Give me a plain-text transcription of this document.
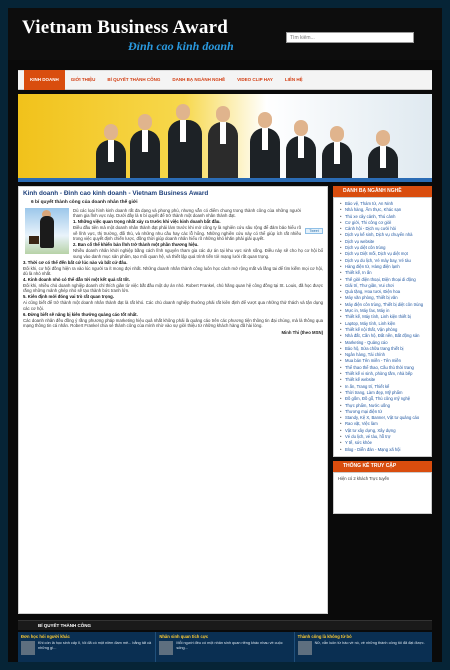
Vietnam Business Award
Đỉnh cao kinh doanh
Tìm kiếm...
KINH DOANH	GIỚI THIỆU	BÍ QUYẾT THÀNH CÔNG	DANH BẠ NGÀNH NGHỀ	VIDEO CLIP HAY	LIÊN HỆ
Kinh doanh - Đỉnh cao kinh doanh - Vietnam Business Award
6 bí quyết thành công của doanh nhân thế giới
Tweet
Dù các loại hình kinh doanh rất đa dạng và phong phú, nhưng vẫn có điểm chung trong thành công của những người tham gia lĩnh vực này. Dưới đây là 6 bí quyết để trở thành một doanh nhân thành đạt.
1. Những việc quan trọng nhất xảy ra trước khi việc kinh doanh bắt đầu.
Điều đầu tiên mà một doanh nhân thành đạt phải làm trước khi mở công ty là nghiên cứu sâu rộng để đảm bảo hiểu rõ về lĩnh vực, thị trường, đối thủ, và những nhu cầu hay các lỗ hổng. Những nghiên cứu này có thể giúp ích rất nhiều trong việc quyết định chiến lược, đồng thời giúp doanh nhân hiểu rõ những khó khăn phải giải quyết.
2. Ban cố thể khiến bản lĩnh trở thành một phần thương hiệu.
Nhiều doanh nhân khởi nghiệp bằng cách lĩnh nguyên tham gia các dự án tại khu vực sinh sống. Điều này sẽ cho họ cơ hội bổ sung vào danh mục sản phẩm, tạo mối quan hệ, và thiết lập quá trình tiến tới mạng lưới rất quan trọng.
3. Thời cơ có thể đến bất cứ lúc nào và bất cứ đâu.
Đôi khi, cơ hội đồng hiện ra vào lúc người ta ít mong đợi nhất. Những doanh nhân thành công luôn học cách mở rộng mắt và lắng tai để tìm kiếm mọi cơ hội, dù là nhỏ nhất.
4. Kinh doanh nhỏ có thể dẫn tới một kết quả rất tốt.
Đôi khi, nhiều chủ doanh nghiệp doanh chỉ thích giản từ việc bắt đầu một dự án nhỏ. Robert Frankel, chủ hãng quan hệ công đồng tại St. Louis, đã học được rằng những mảnh ghép nhỏ sẽ tạo thành bức tranh lớn.
5. Kiên định mới đóng vai trò rất quan trọng.
Ai cũng biết để trở thành một doanh nhân thành đạt là rất khó. Các chủ doanh nghiệp thường phải rất kiên định để vượt qua những thử thách và tận dụng các cơ hội.
6. Đừng biết sẽ nâng bị kiên thưởng quảng cáo tốt nhất.
Các doanh nhân đều đồng ý rằng phương pháp marketing hiệu quả nhất không phải là quảng cáo trên các phương tiện thông tin đại chúng, mà là thông qua mạng thông tin cá nhân. Robert Frankel chia sẻ thành công của mình nhờ vào sự giới thiệu từ những khách hàng đã hài lòng.
Minh Thi (theo MSN)
DANH BẠ NGÀNH NGHỀ
• Bảo vệ, Thám tử, An Ninh
• Nhà hàng, Ẩm thực, Khác sạn
• Thủ xe cây cảnh, Thú cảnh
• Cơ giới, Thi công cơ giới
• Cảnh hội - Dịch vụ cưới hỏi
• Dịch vụ kế sinh, Dịch vụ chuyển nhà
• Dịch vụ website
• Dịch vụ diệt côn trùng
• Dịch vụ Diệt mối, Dịch vụ diệt mọt
• Dịch vụ du lịch, Vé máy bay, Vé tàu
• Hàng điện tử, Hàng điện lạnh
• Thiết kế, In ấn
• Thế giới điện thoại, Điện thoại di động
• Giải trí, Thư giãn, Vui chơi
• Quà tặng, Hoa tươi, Điện hoa
• Máy văn phòng, Thiết bị văn
• Máy điện côn trùng, Thiết bị diệt côn trùng
• Mực in, Máy fax, Máy in
• Thiết kế, Máy tính, Linh kiện thiết bị
• Laptop, Máy tính, Linh kiện
• Thiết kế nội thất, Vận phòng
• Nhà đất, Cần hộ, Đất nền, Bất động sản
• Marketing - Quảng cáo
• Bảo hộ, Sửa chữa trang thiết bị
• Ngân hàng, Tài chính
• Mua bán Tên miền - Tên miền
• Thể thao thể thao, Cầu thủ thời trang
• Thiết kế vi sinh, phòng tắm, nhà bếp
• Thiết kế website
• In ấn, Trang trí, Thiết kế
• Thời trang, Làm đẹp, Mỹ phẩm
• Đồ gốm, Đồ gỗ, Thủ công mỹ nghệ
• Thực phẩm, Nước uống
• Thương mại điện tử
• Standy, Kệ X, Banner, Vật tư quảng cáo
• Rao vặt, Việc làm
• Vật tư xây dựng, Xây dựng
• Vé du lịch, vé tàu, hỗ trợ
• Y tế, sức khỏe
• Blog - Diễn đàn - Mạng xã hội
THỐNG KÊ TRUY CẬP
Hiện có 2 khách Trực tuyến
BÍ QUYẾT THÀNH CÔNG
Đơn học hỏi người khác
Khi còn là học sinh cấp II, tôi đã có một niềm đam mê... bằng tất cả những gì...
Nhân sinh quan tích cực
Mỗi người đều có một nhân sinh quan riêng khác nhau về cuộc sống...
Thành công là không từ bỏ
Nữ, vẫn luôn từ hào về nó, về những thành công tôi đã đạt được.
